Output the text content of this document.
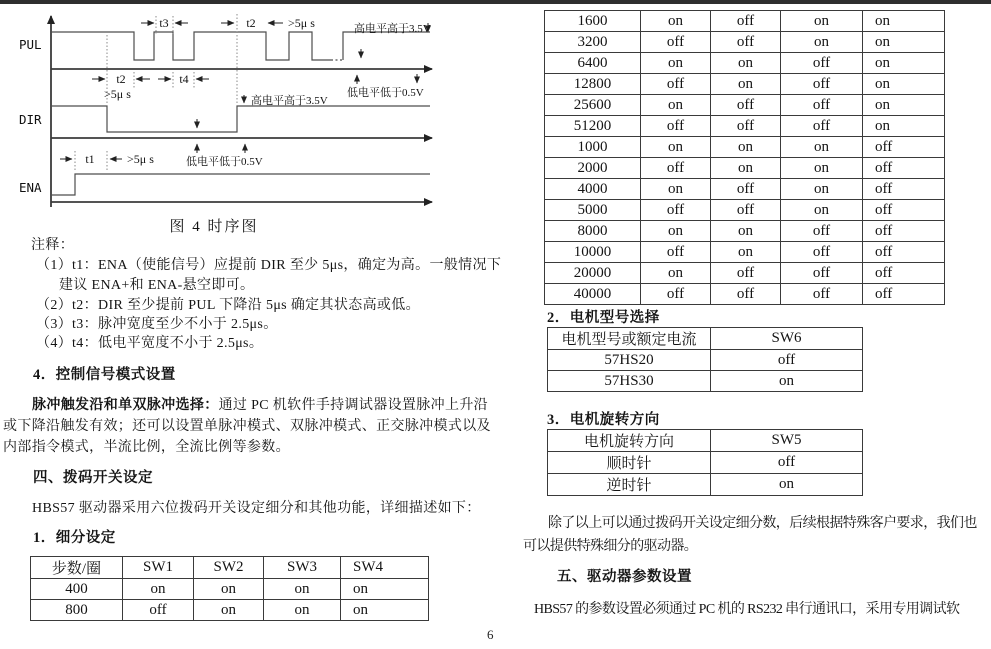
PUL
DIR
ENA
t3	t2	>5μ s
t2
>5μ s
t4
t1	>5μ s
高电平高于3.5V
低电平低于0.5V
高电平高于3.5V
低电平低于0.5V
图 4 时序图
注释：
（1）t1：ENA（使能信号）应提前 DIR 至少 5μs，确定为高。一般情况下
建议 ENA+和 ENA-悬空即可。
（2）t2：DIR 至少提前 PUL 下降沿 5μs 确定其状态高或低。
（3）t3：脉冲宽度至少不小于 2.5μs。
（4）t4：低电平宽度不小于 2.5μs。
4．控制信号模式设置
脉冲触发沿和单双脉冲选择：通过 PC 机软件手持调试器设置脉冲上升沿
或下降沿触发有效；还可以设置单脉冲模式、双脉冲模式、正交脉冲模式以及
内部指令模式，半流比例，全流比例等参数。
四、拨码开关设定
HBS57 驱动器采用六位拨码开关设定细分和其他功能，详细描述如下：
1．细分设定
步数/圈	SW1	SW2	SW3	SW4
400	on	on	on	on
800	off	on	on	on
6
1600	on	off	on	on
3200	off	off	on	on
6400	on	on	off	on
12800	off	on	off	on
25600	on	off	off	on
51200	off	off	off	on
1000	on	on	on	off
2000	off	on	on	off
4000	on	off	on	off
5000	off	off	on	off
8000	on	on	off	off
10000	off	on	off	off
20000	on	off	off	off
40000	off	off	off	off
2．电机型号选择
电机型号或额定电流	SW6
57HS20	off
57HS30	on
3．电机旋转方向
电机旋转方向	SW5
顺时针	off
逆时针	on
除了以上可以通过拨码开关设定细分数，后续根据特殊客户要求，我们也
可以提供特殊细分的驱动器。
五、驱动器参数设置
HBS57 的参数设置必须通过 PC 机的 RS232 串行通讯口，采用专用调试软
